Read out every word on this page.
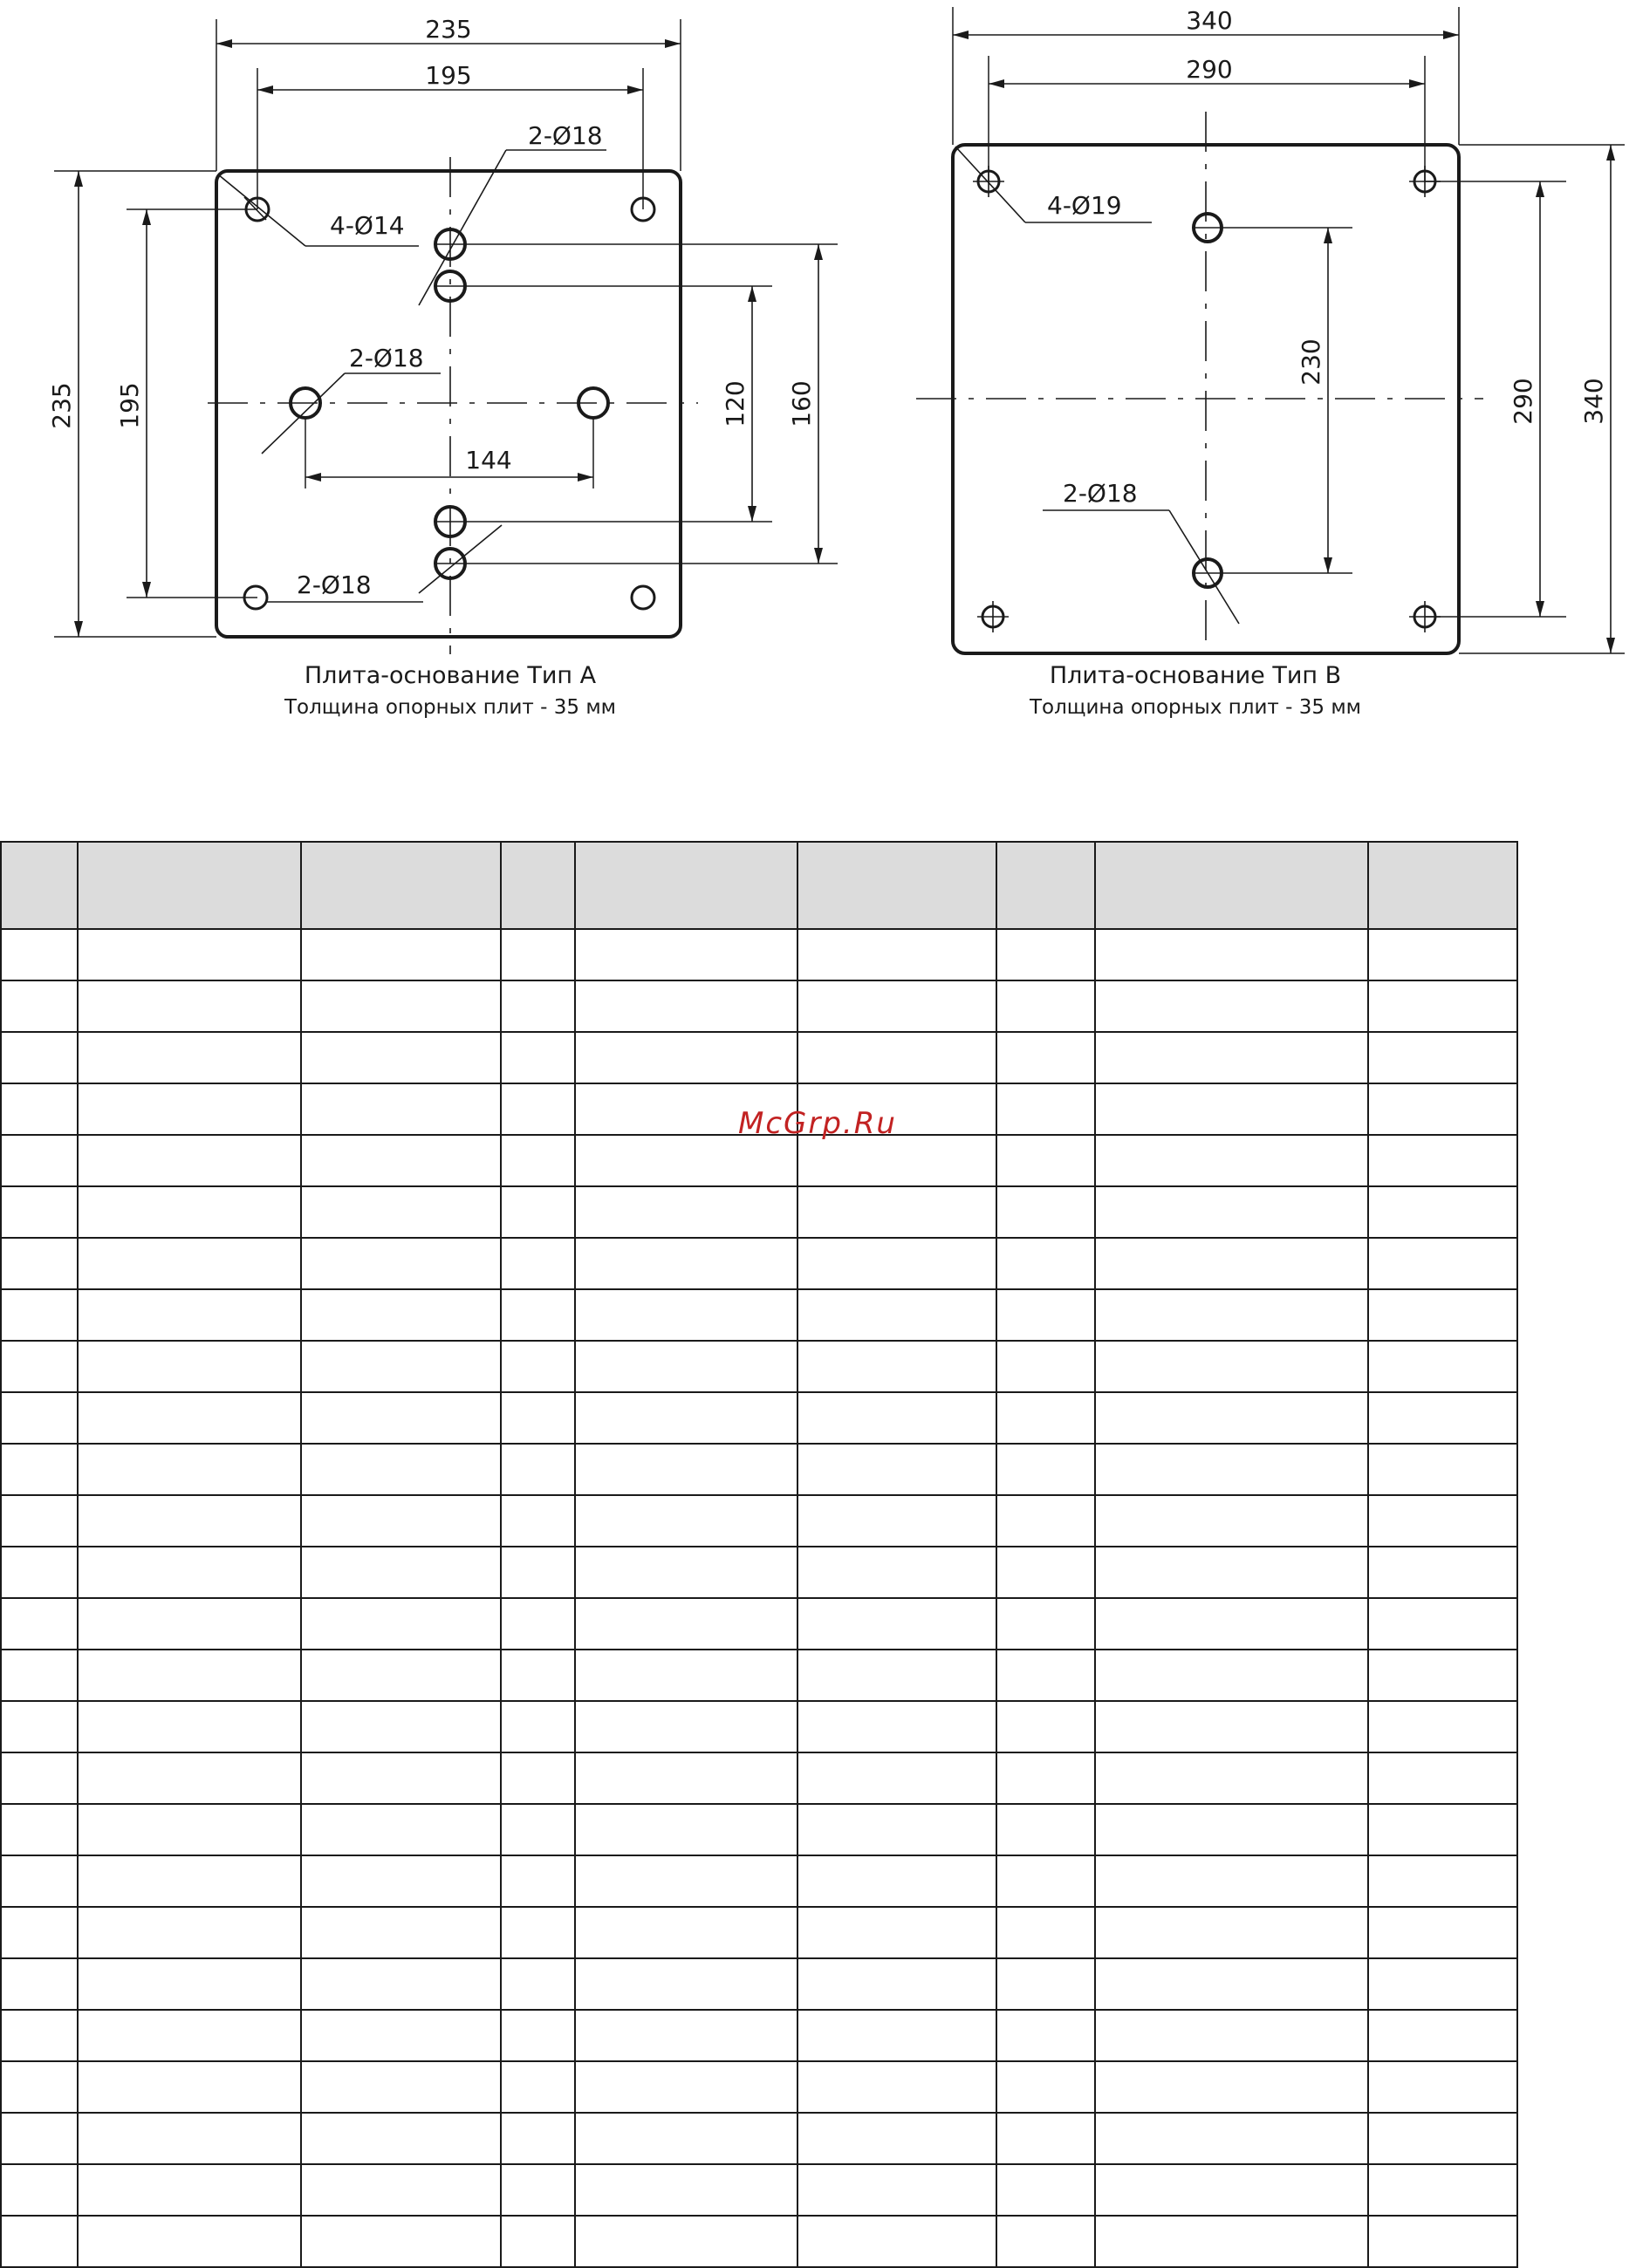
235
195
235 195
4-Ø14
2-Ø18
2-Ø18
144
2-Ø18
120 160
Плита-основание Тип А
Толщина опорных плит - 35 мм
340
290
4-Ø19
2-Ø18
230
290 340
Плита-основание Тип В
Толщина опорных плит - 35 мм

McGrp.Ru
